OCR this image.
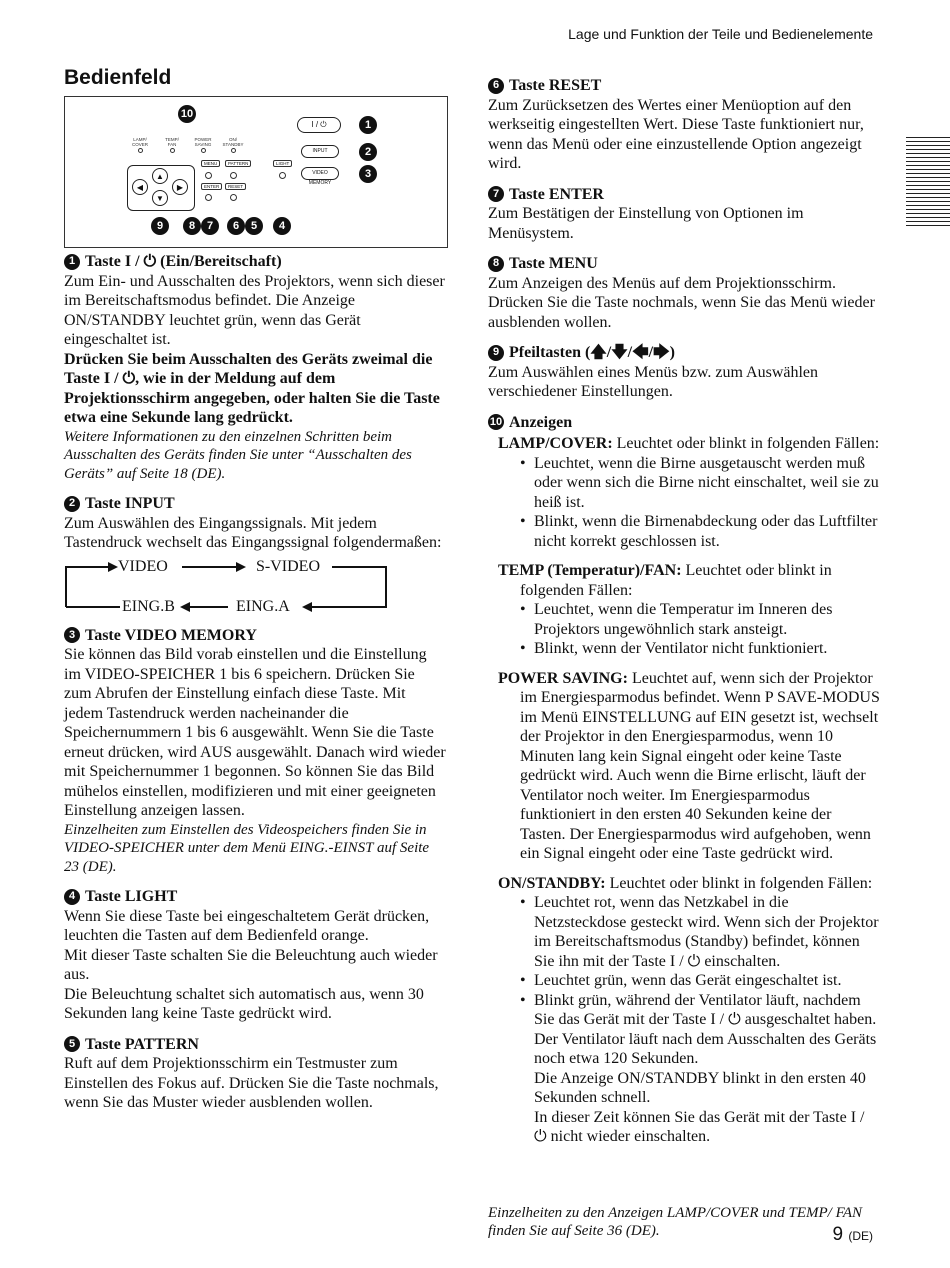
Lage und Funktion der Teile und Bedienelemente
Bedienfeld
10
LAMP/ COVER
TEMP/ FAN
POWER SAVING
ON/ STANDBY
▲
◀	▶
▼
MENU	PATTERN	LIGHT
ENTER	RESET
I / ⏻
INPUT
VIDEO MEMORY
1
2
3
4
5
6
7
8
9
1 Taste I / ⏻ (Ein/Bereitschaft)

Zum Ein- und Ausschalten des Projektors, wenn sich dieser im Bereitschaftsmodus befindet. Die Anzeige ON/STANDBY leuchtet grün, wenn das Gerät eingeschaltet ist.

Drücken Sie beim Ausschalten des Geräts zweimal die Taste I / ⏻, wie in der Meldung auf dem Projektionsschirm angegeben, oder halten Sie die Taste etwa eine Sekunde lang gedrückt.

Weitere Informationen zu den einzelnen Schritten beim Ausschalten des Geräts finden Sie unter “Ausschalten des Geräts” auf Seite 18 (DE).

2 Taste INPUT

Zum Auswählen des Eingangssignals. Mit jedem Tastendruck wechselt das Eingangssignal folgendermaßen:

VIDEO	S-VIDEO
EING.A
EING.B
3 Taste VIDEO MEMORY

Sie können das Bild vorab einstellen und die Einstellung im VIDEO-SPEICHER 1 bis 6 speichern. Drücken Sie zum Abrufen der Einstellung einfach diese Taste. Mit jedem Tastendruck werden nacheinander die Speichernummern 1 bis 6 ausgewählt. Wenn Sie die Taste erneut drücken, wird AUS ausgewählt. Danach wird wieder mit Speichernummer 1 begonnen. So können Sie das Bild mühelos einstellen, modifizieren und mit einer geeigneten Einstellung anzeigen lassen.

Einzelheiten zum Einstellen des Videospeichers finden Sie in VIDEO-SPEICHER unter dem Menü EING.-EINST auf Seite 23 (DE).

4 Taste LIGHT

Wenn Sie diese Taste bei eingeschaltetem Gerät drücken, leuchten die Tasten auf dem Bedienfeld orange.

Mit dieser Taste schalten Sie die Beleuchtung auch wieder aus.

Die Beleuchtung schaltet sich automatisch aus, wenn 30 Sekunden lang keine Taste gedrückt wird.

5 Taste PATTERN

Ruft auf dem Projektionsschirm ein Testmuster zum Einstellen des Fokus auf. Drücken Sie die Taste nochmals, wenn Sie das Muster wieder ausblenden wollen.

6 Taste RESET

Zum Zurücksetzen des Wertes einer Menüoption auf den werkseitig eingestellten Wert. Diese Taste funktioniert nur, wenn das Menü oder eine einzustellende Option angezeigt wird.

7 Taste ENTER

Zum Bestätigen der Einstellung von Optionen im Menüsystem.

8 Taste MENU

Zum Anzeigen des Menüs auf dem Projektionsschirm. Drücken Sie die Taste nochmals, wenn Sie das Menü wieder ausblenden wollen.

9 Pfeiltasten (🡅/🡇/🡄/🡆)

Zum Auswählen eines Menüs bzw. zum Auswählen verschiedener Einstellungen.

10 Anzeigen

LAMP/COVER: Leuchtet oder blinkt in folgenden Fällen:

• Leuchtet, wenn die Birne ausgetauscht werden muß oder wenn sich die Birne nicht einschaltet, weil sie zu heiß ist.
• Blinkt, wenn die Birnenabdeckung oder das Luftfilter nicht korrekt geschlossen ist.

TEMP (Temperatur)/FAN: Leuchtet oder blinkt in folgenden Fällen:

• Leuchtet, wenn die Temperatur im Inneren des Projektors ungewöhnlich stark ansteigt.
• Blinkt, wenn der Ventilator nicht funktioniert.

POWER SAVING: Leuchtet auf, wenn sich der Projektor im Energiesparmodus befindet. Wenn P SAVE-MODUS im Menü EINSTELLUNG auf EIN gesetzt ist, wechselt der Projektor in den Energiesparmodus, wenn 10 Minuten lang kein Signal eingeht oder keine Taste gedrückt wird. Auch wenn die Birne erlischt, läuft der Ventilator noch weiter. Im Energiesparmodus funktioniert in den ersten 40 Sekunden keine der Tasten. Der Energiesparmodus wird aufgehoben, wenn ein Signal eingeht oder eine Taste gedrückt wird.

ON/STANDBY: Leuchtet oder blinkt in folgenden Fällen:

• Leuchtet rot, wenn das Netzkabel in die Netzsteckdose gesteckt wird. Wenn sich der Projektor im Bereitschaftsmodus (Standby) befindet, können Sie ihn mit der Taste I / ⏻ einschalten.
• Leuchtet grün, wenn das Gerät eingeschaltet ist.
• Blinkt grün, während der Ventilator läuft, nachdem Sie das Gerät mit der Taste I / ⏻ ausgeschaltet haben. Der Ventilator läuft nach dem Ausschalten des Geräts noch etwa 120 Sekunden.

Die Anzeige ON/STANDBY blinkt in den ersten 40 Sekunden schnell.

In dieser Zeit können Sie das Gerät mit der Taste I / ⏻ nicht wieder einschalten.

Einzelheiten zu den Anzeigen LAMP/COVER und TEMP/ FAN finden Sie auf Seite 36 (DE).	9 (DE)
